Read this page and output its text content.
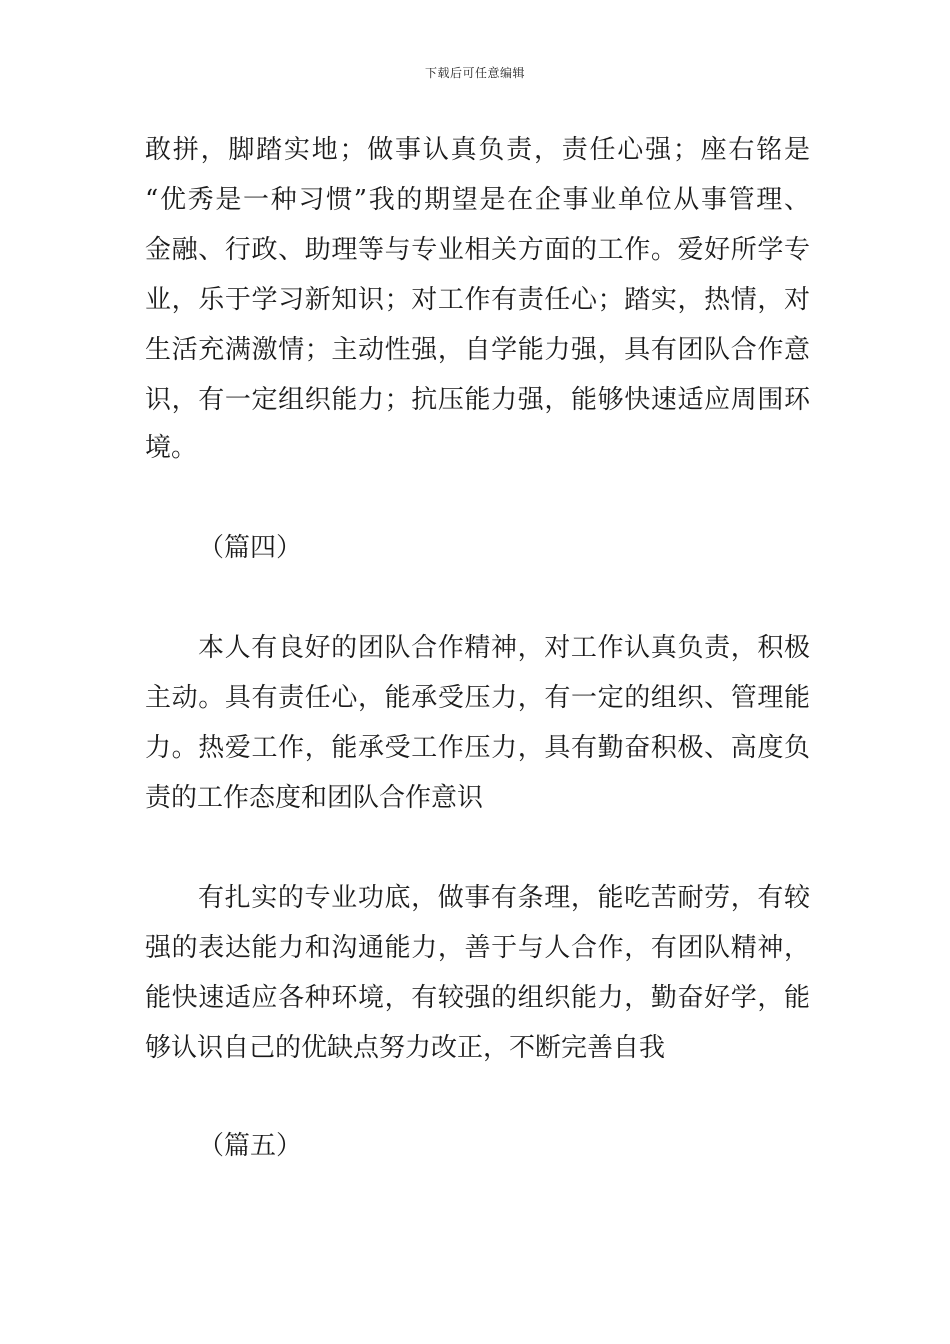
下载后可任意编辑
敢拼，脚踏实地；做事认真负责，责任心强；座右铭是
“优秀是一种习惯”我的期望是在企事业单位从事管理、
金融、行政、助理等与专业相关方面的工作。爱好所学专
业，乐于学习新知识；对工作有责任心；踏实，热情，对
生活充满激情；主动性强，自学能力强，具有团队合作意
识，有一定组织能力；抗压能力强，能够快速适应周围环
境。
（篇四）
本人有良好的团队合作精神，对工作认真负责，积极
主动。具有责任心，能承受压力，有一定的组织、管理能
力。热爱工作，能承受工作压力，具有勤奋积极、高度负
责的工作态度和团队合作意识
有扎实的专业功底，做事有条理，能吃苦耐劳，有较
强的表达能力和沟通能力，善于与人合作，有团队精神，
能快速适应各种环境，有较强的组织能力，勤奋好学，能
够认识自己的优缺点努力改正，不断完善自我
（篇五）
